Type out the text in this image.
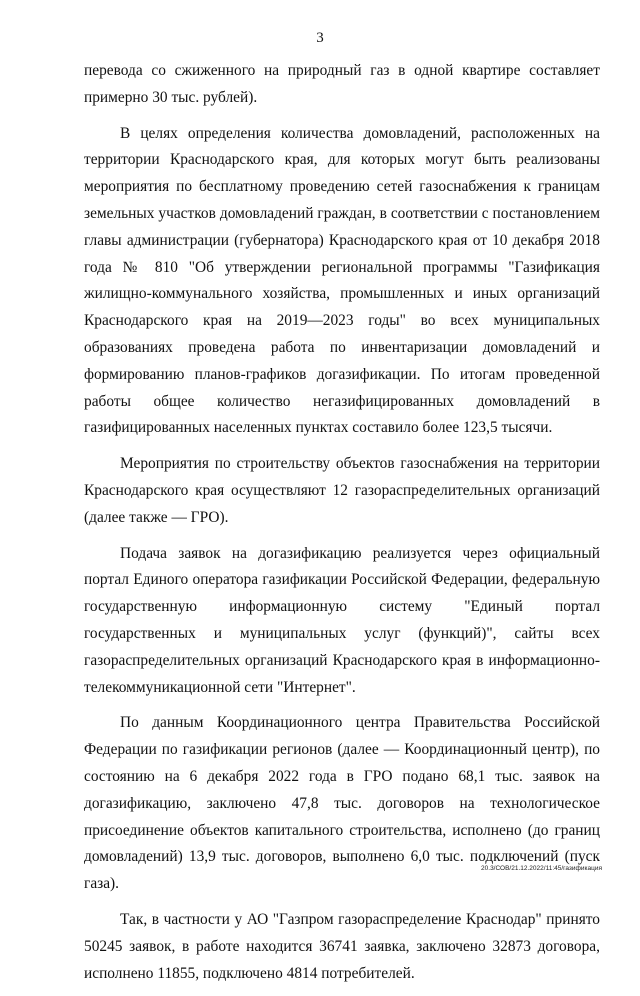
3

перевода со сжиженного на природный газ в одной квартире составляет примерно 30 тыс. рублей).

В целях определения количества домовладений, расположенных на территории Краснодарского края, для которых могут быть реализованы мероприятия по бесплатному проведению сетей газоснабжения к границам земельных участков домовладений граждан, в соответствии с постановлением главы администрации (губернатора) Краснодарского края от 10 декабря 2018 года № 810 "Об утверждении региональной программы "Газификация жилищно-коммунального хозяйства, промышленных и иных организаций Краснодарского края на 2019—2023 годы" во всех муниципальных образованиях проведена работа по инвентаризации домовладений и формированию планов-графиков догазификации. По итогам проведенной работы общее количество негазифицированных домовладений в газифицированных населенных пунктах составило более 123,5 тысячи.

Мероприятия по строительству объектов газоснабжения на территории Краснодарского края осуществляют 12 газораспределительных организаций (далее также — ГРО).

Подача заявок на догазификацию реализуется через официальный портал Единого оператора газификации Российской Федерации, федеральную государственную информационную систему "Единый портал государственных и муниципальных услуг (функций)", сайты всех газораспределительных организаций Краснодарского края в информационно-телекоммуникационной сети "Интернет".

По данным Координационного центра Правительства Российской Федерации по газификации регионов (далее — Координационный центр), по состоянию на 6 декабря 2022 года в ГРО подано 68,1 тыс. заявок на догазификацию, заключено 47,8 тыс. договоров на технологическое присоединение объектов капитального строительства, исполнено (до границ домовладений) 13,9 тыс. договоров, выполнено 6,0 тыс. подключений (пуск газа).

Так, в частности у АО "Газпром газораспределение Краснодар" принято 50245 заявок, в работе находится 36741 заявка, заключено 32873 договора, исполнено 11855, подключено 4814 потребителей.

20.3/СОВ/21.12.2022/11:45/газификация
